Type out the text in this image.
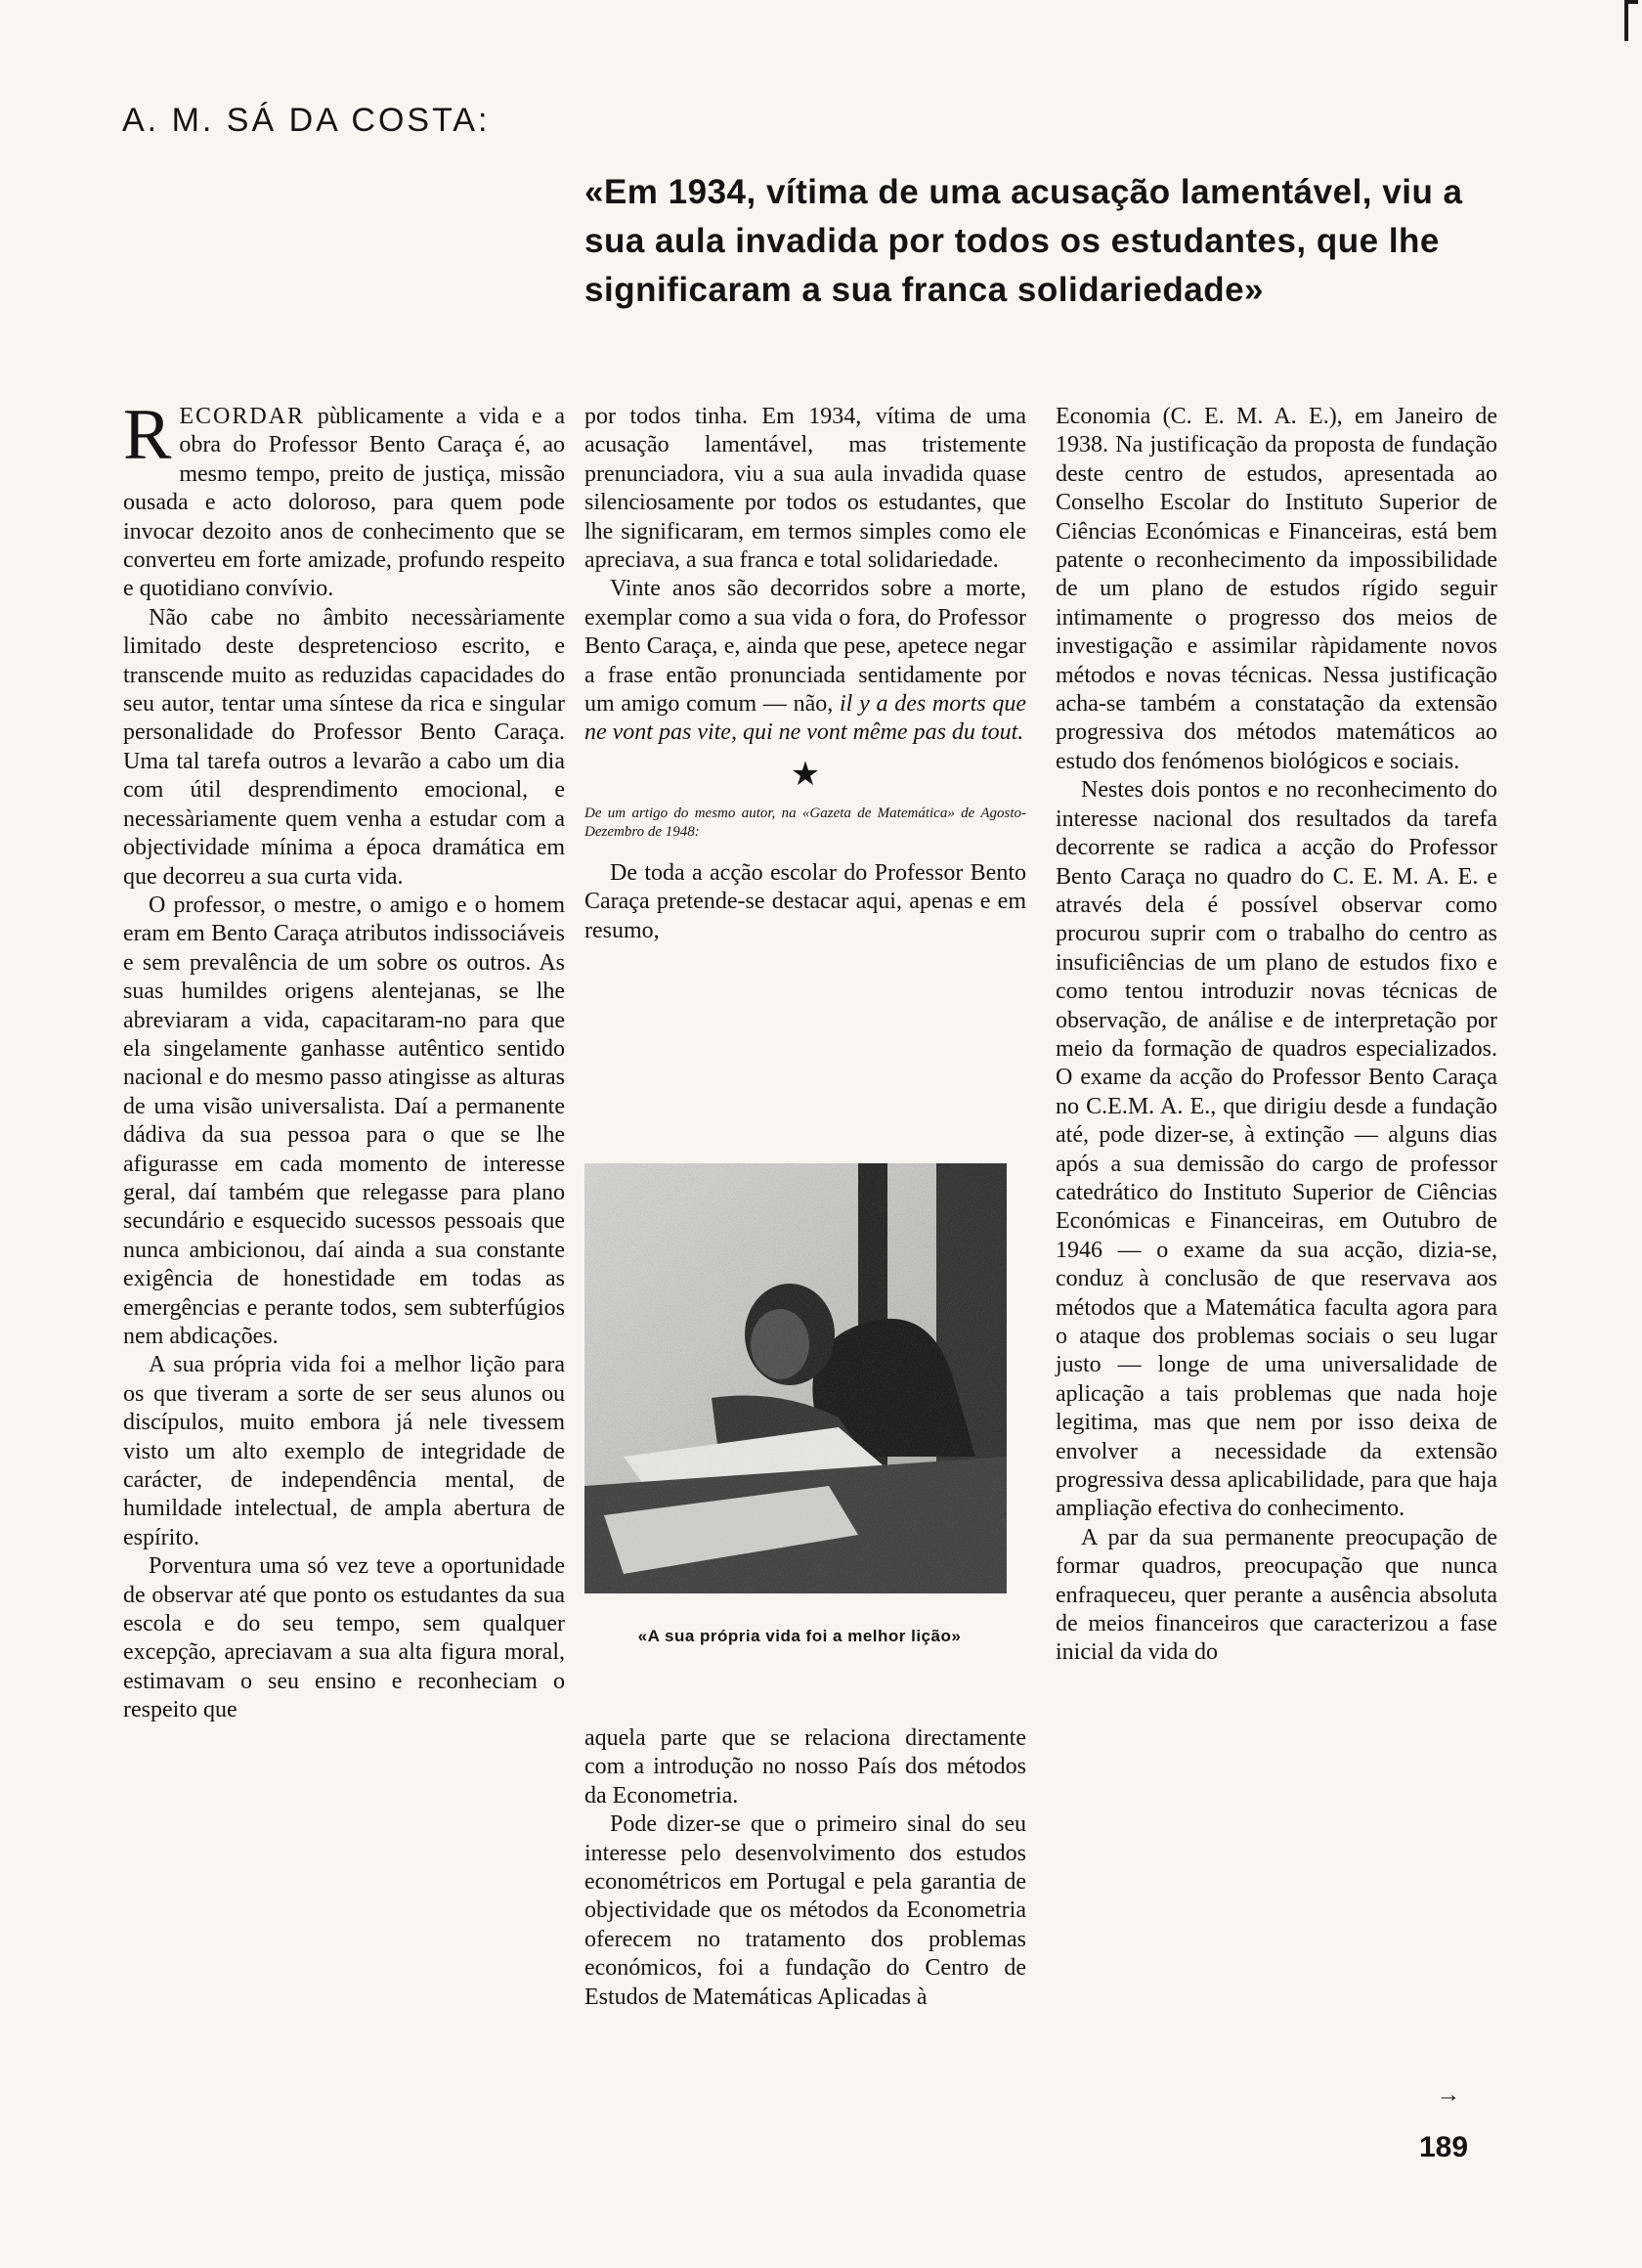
A. M. SÁ DA COSTA:
«Em 1934, vítima de uma acusação lamentável, viu a sua aula invadida por todos os estudantes, que lhe significaram a sua franca solidariedade»

RECORDAR pùblicamente a vida e a obra do Professor Bento Caraça é, ao mesmo tempo, preito de justiça, missão ousada e acto doloroso, para quem pode invocar dezoito anos de conhecimento que se converteu em forte amizade, profundo respeito e quotidiano convívio.

Não cabe no âmbito necessàriamente limitado deste despretencioso escrito, e transcende muito as reduzidas capacidades do seu autor, tentar uma síntese da rica e singular personalidade do Professor Bento Caraça. Uma tal tarefa outros a levarão a cabo um dia com útil desprendimento emocional, e necessàriamente quem venha a estudar com a objectividade mínima a época dramática em que decorreu a sua curta vida.

O professor, o mestre, o amigo e o homem eram em Bento Caraça atributos indissociáveis e sem prevalência de um sobre os outros. As suas humildes origens alentejanas, se lhe abreviaram a vida, capacitaram-no para que ela singelamente ganhasse autêntico sentido nacional e do mesmo passo atingisse as alturas de uma visão universalista. Daí a permanente dádiva da sua pessoa para o que se lhe afigurasse em cada momento de interesse geral, daí também que relegasse para plano secundário e esquecido sucessos pessoais que nunca ambicionou, daí ainda a sua constante exigência de honestidade em todas as emergências e perante todos, sem subterfúgios nem abdicações.

A sua própria vida foi a melhor lição para os que tiveram a sorte de ser seus alunos ou discípulos, muito embora já nele tivessem visto um alto exemplo de integridade de carácter, de independência mental, de humildade intelectual, de ampla abertura de espírito.

Porventura uma só vez teve a oportunidade de observar até que ponto os estudantes da sua escola e do seu tempo, sem qualquer excepção, apreciavam a sua alta figura moral, estimavam o seu ensino e reconheciam o respeito que

por todos tinha. Em 1934, vítima de uma acusação lamentável, mas tristemente prenunciadora, viu a sua aula invadida quase silenciosamente por todos os estudantes, que lhe significaram, em termos simples como ele apreciava, a sua franca e total solidariedade.

Vinte anos são decorridos sobre a morte, exemplar como a sua vida o fora, do Professor Bento Caraça, e, ainda que pese, apetece negar a frase então pronunciada sentidamente por um amigo comum — não, il y a des morts que ne vont pas vite, qui ne vont même pas du tout.

★
De um artigo do mesmo autor, na «Gazeta de Matemática» de Agosto-Dezembro de 1948:

De toda a acção escolar do Professor Bento Caraça pretende-se destacar aqui, apenas e em resumo,

«A sua própria vida foi a melhor lição»

aquela parte que se relaciona directamente com a introdução no nosso País dos métodos da Econometria.

Pode dizer-se que o primeiro sinal do seu interesse pelo desenvolvimento dos estudos econométricos em Portugal e pela garantia de objectividade que os métodos da Econometria oferecem no tratamento dos problemas económicos, foi a fundação do Centro de Estudos de Matemáticas Aplicadas à

Economia (C. E. M. A. E.), em Janeiro de 1938. Na justificação da proposta de fundação deste centro de estudos, apresentada ao Conselho Escolar do Instituto Superior de Ciências Económicas e Financeiras, está bem patente o reconhecimento da impossibilidade de um plano de estudos rígido seguir intimamente o progresso dos meios de investigação e assimilar ràpidamente novos métodos e novas técnicas. Nessa justificação acha-se também a constatação da extensão progressiva dos métodos matemáticos ao estudo dos fenómenos biológicos e sociais.

Nestes dois pontos e no reconhecimento do interesse nacional dos resultados da tarefa decorrente se radica a acção do Professor Bento Caraça no quadro do C. E. M. A. E. e através dela é possível observar como procurou suprir com o trabalho do centro as insuficiências de um plano de estudos fixo e como tentou introduzir novas técnicas de observação, de análise e de interpretação por meio da formação de quadros especializados. O exame da acção do Professor Bento Caraça no C.E.M. A. E., que dirigiu desde a fundação até, pode dizer-se, à extinção — alguns dias após a sua demissão do cargo de professor catedrático do Instituto Superior de Ciências Económicas e Financeiras, em Outubro de 1946 — o exame da sua acção, dizia-se, conduz à conclusão de que reservava aos métodos que a Matemática faculta agora para o ataque dos problemas sociais o seu lugar justo — longe de uma universalidade de aplicação a tais problemas que nada hoje legitima, mas que nem por isso deixa de envolver a necessidade da extensão progressiva dessa aplicabilidade, para que haja ampliação efectiva do conhecimento.

A par da sua permanente preocupação de formar quadros, preocupação que nunca enfraqueceu, quer perante a ausência absoluta de meios financeiros que caracterizou a fase inicial da vida do

→
189
